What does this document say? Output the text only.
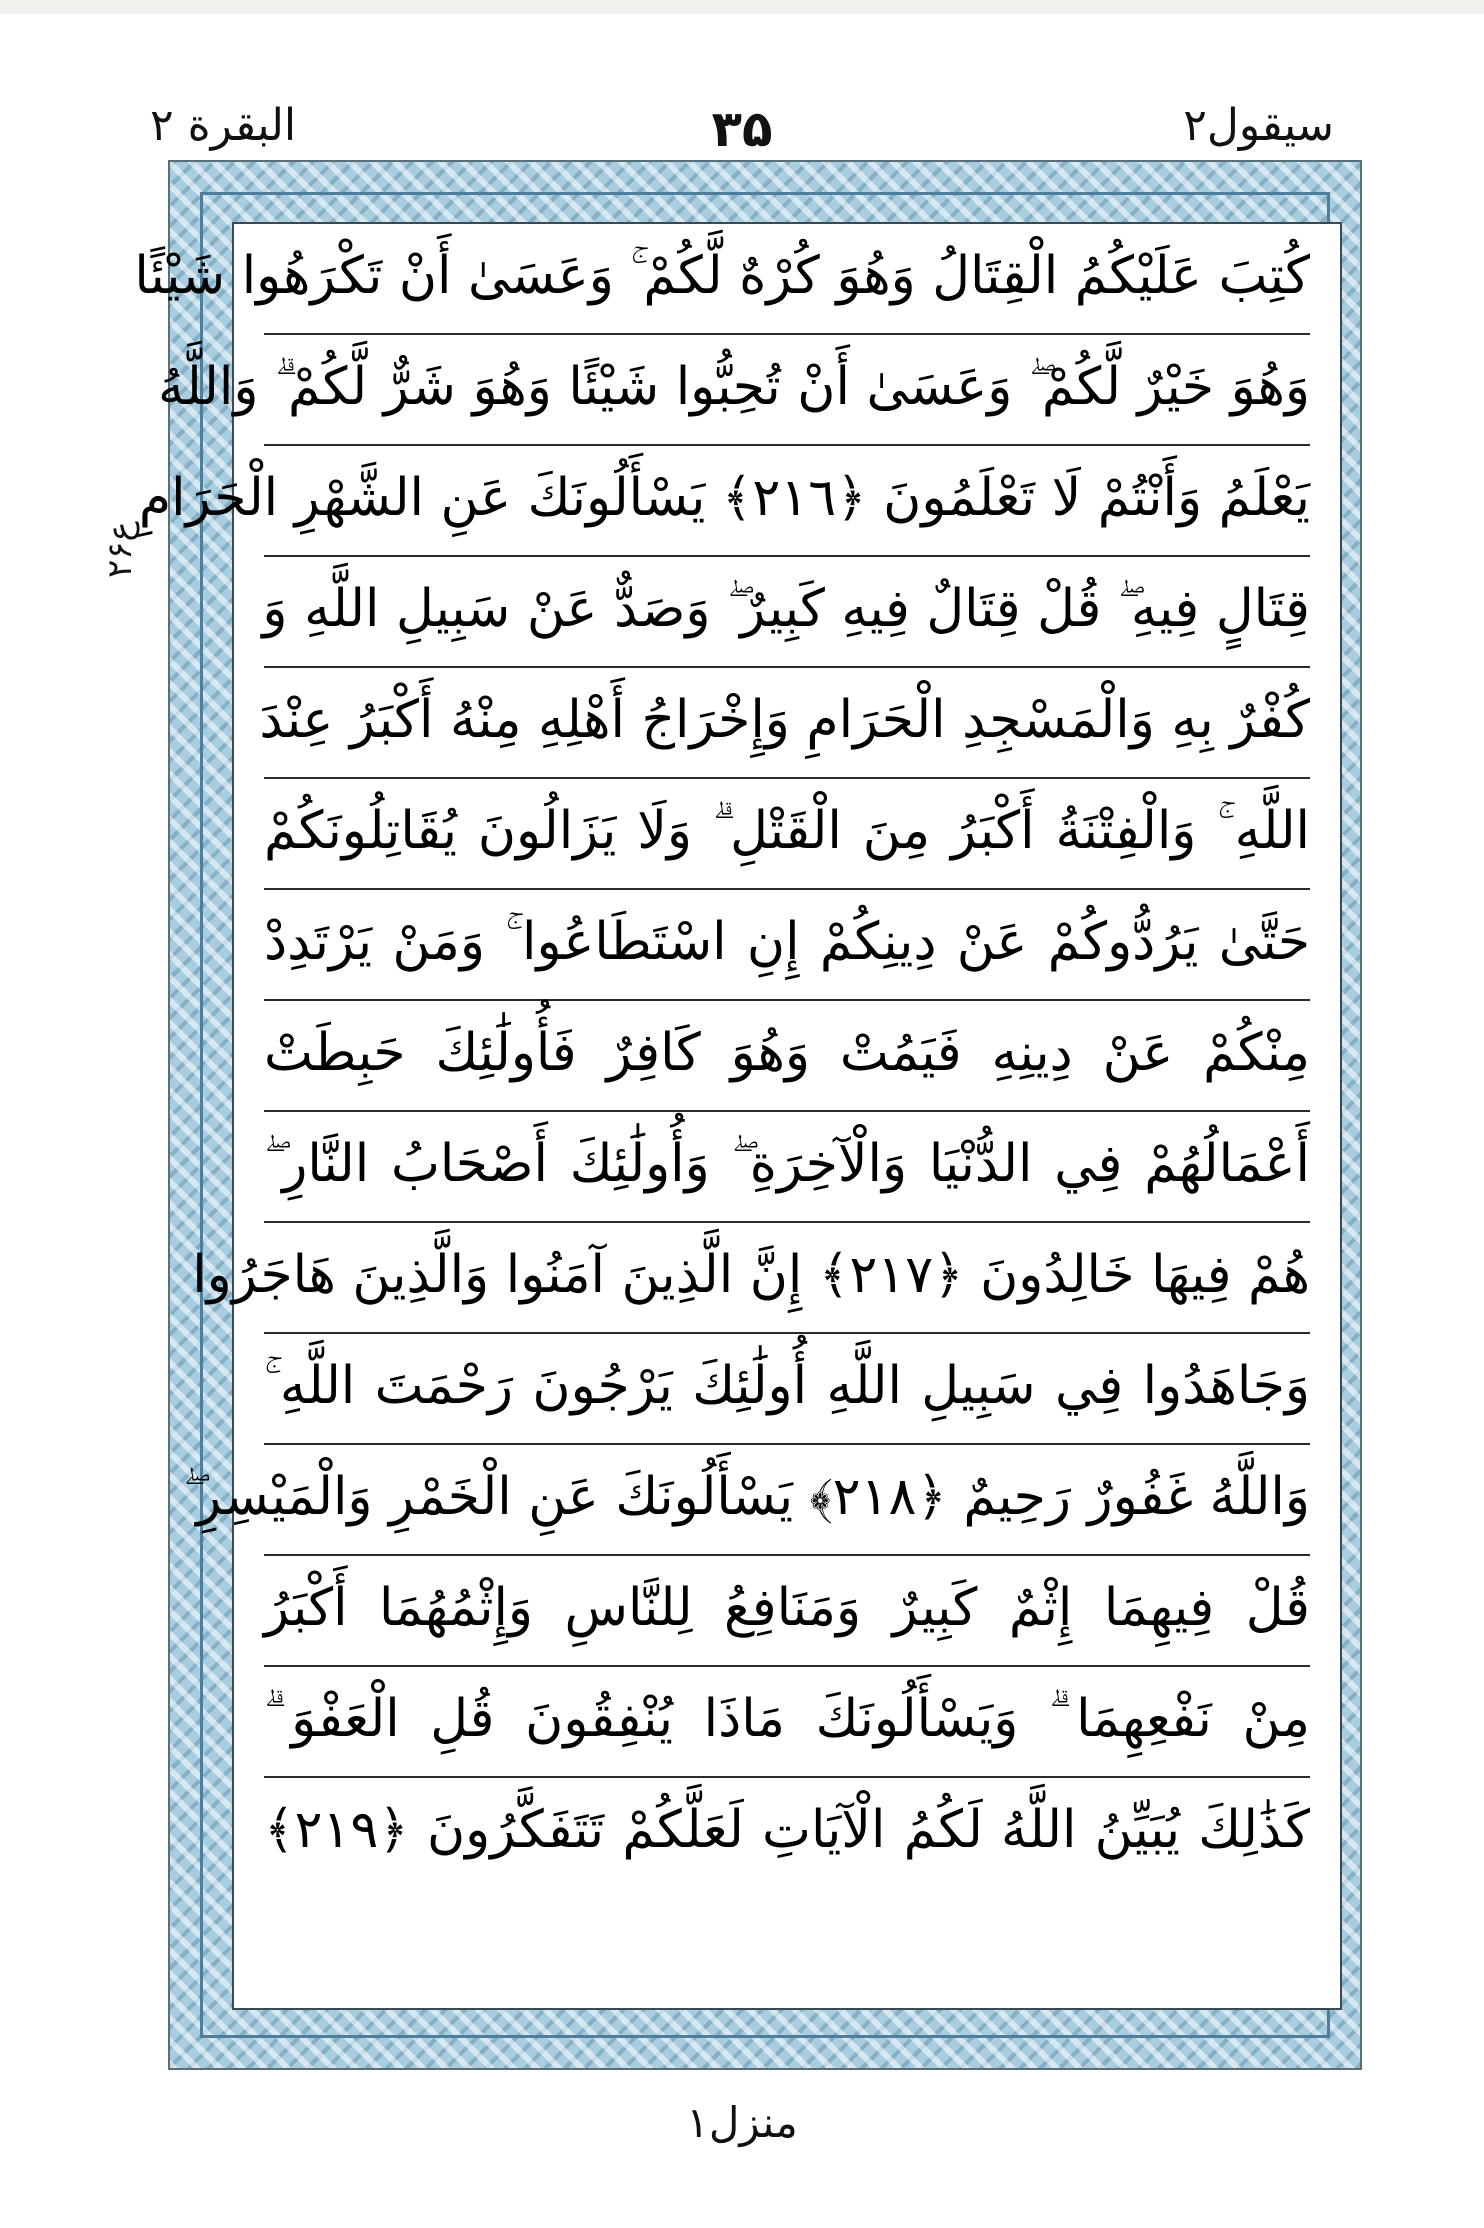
سيقول۲
۳۵
البقرة ۲
ع۲۶
كُتِبَ عَلَيْكُمُ الْقِتَالُ وَهُوَ كُرْهٌ لَّكُمْ ۚ وَعَسَىٰ أَنْ تَكْرَهُوا شَيْئًا
وَهُوَ خَيْرٌ لَّكُمْ ۖ وَعَسَىٰ أَنْ تُحِبُّوا شَيْئًا وَهُوَ شَرٌّ لَّكُمْ ۗ وَاللَّهُ
يَعْلَمُ وَأَنْتُمْ لَا تَعْلَمُونَ ﴿٢١٦﴾ يَسْأَلُونَكَ عَنِ الشَّهْرِ الْحَرَامِ
قِتَالٍ فِيهِ ۖ قُلْ قِتَالٌ فِيهِ كَبِيرٌ ۖ وَصَدٌّ عَنْ سَبِيلِ اللَّهِ وَ
كُفْرٌ بِهِ وَالْمَسْجِدِ الْحَرَامِ وَإِخْرَاجُ أَهْلِهِ مِنْهُ أَكْبَرُ عِنْدَ
اللَّهِ ۚ وَالْفِتْنَةُ أَكْبَرُ مِنَ الْقَتْلِ ۗ وَلَا يَزَالُونَ يُقَاتِلُونَكُمْ
حَتَّىٰ يَرُدُّوكُمْ عَنْ دِينِكُمْ إِنِ اسْتَطَاعُوا ۚ وَمَنْ يَرْتَدِدْ
مِنْكُمْ عَنْ دِينِهِ فَيَمُتْ وَهُوَ كَافِرٌ فَأُولَٰئِكَ حَبِطَتْ
أَعْمَالُهُمْ فِي الدُّنْيَا وَالْآخِرَةِ ۖ وَأُولَٰئِكَ أَصْحَابُ النَّارِ ۖ
هُمْ فِيهَا خَالِدُونَ ﴿٢١٧﴾ إِنَّ الَّذِينَ آمَنُوا وَالَّذِينَ هَاجَرُوا
وَجَاهَدُوا فِي سَبِيلِ اللَّهِ أُولَٰئِكَ يَرْجُونَ رَحْمَتَ اللَّهِ ۚ
وَاللَّهُ غَفُورٌ رَحِيمٌ ﴿٢١٨﴾ يَسْأَلُونَكَ عَنِ الْخَمْرِ وَالْمَيْسِرِ ۖ
قُلْ فِيهِمَا إِثْمٌ كَبِيرٌ وَمَنَافِعُ لِلنَّاسِ وَإِثْمُهُمَا أَكْبَرُ
مِنْ نَفْعِهِمَا ۗ وَيَسْأَلُونَكَ مَاذَا يُنْفِقُونَ قُلِ الْعَفْوَ ۗ
كَذَٰلِكَ يُبَيِّنُ اللَّهُ لَكُمُ الْآيَاتِ لَعَلَّكُمْ تَتَفَكَّرُونَ ﴿٢١٩﴾
منزل۱
